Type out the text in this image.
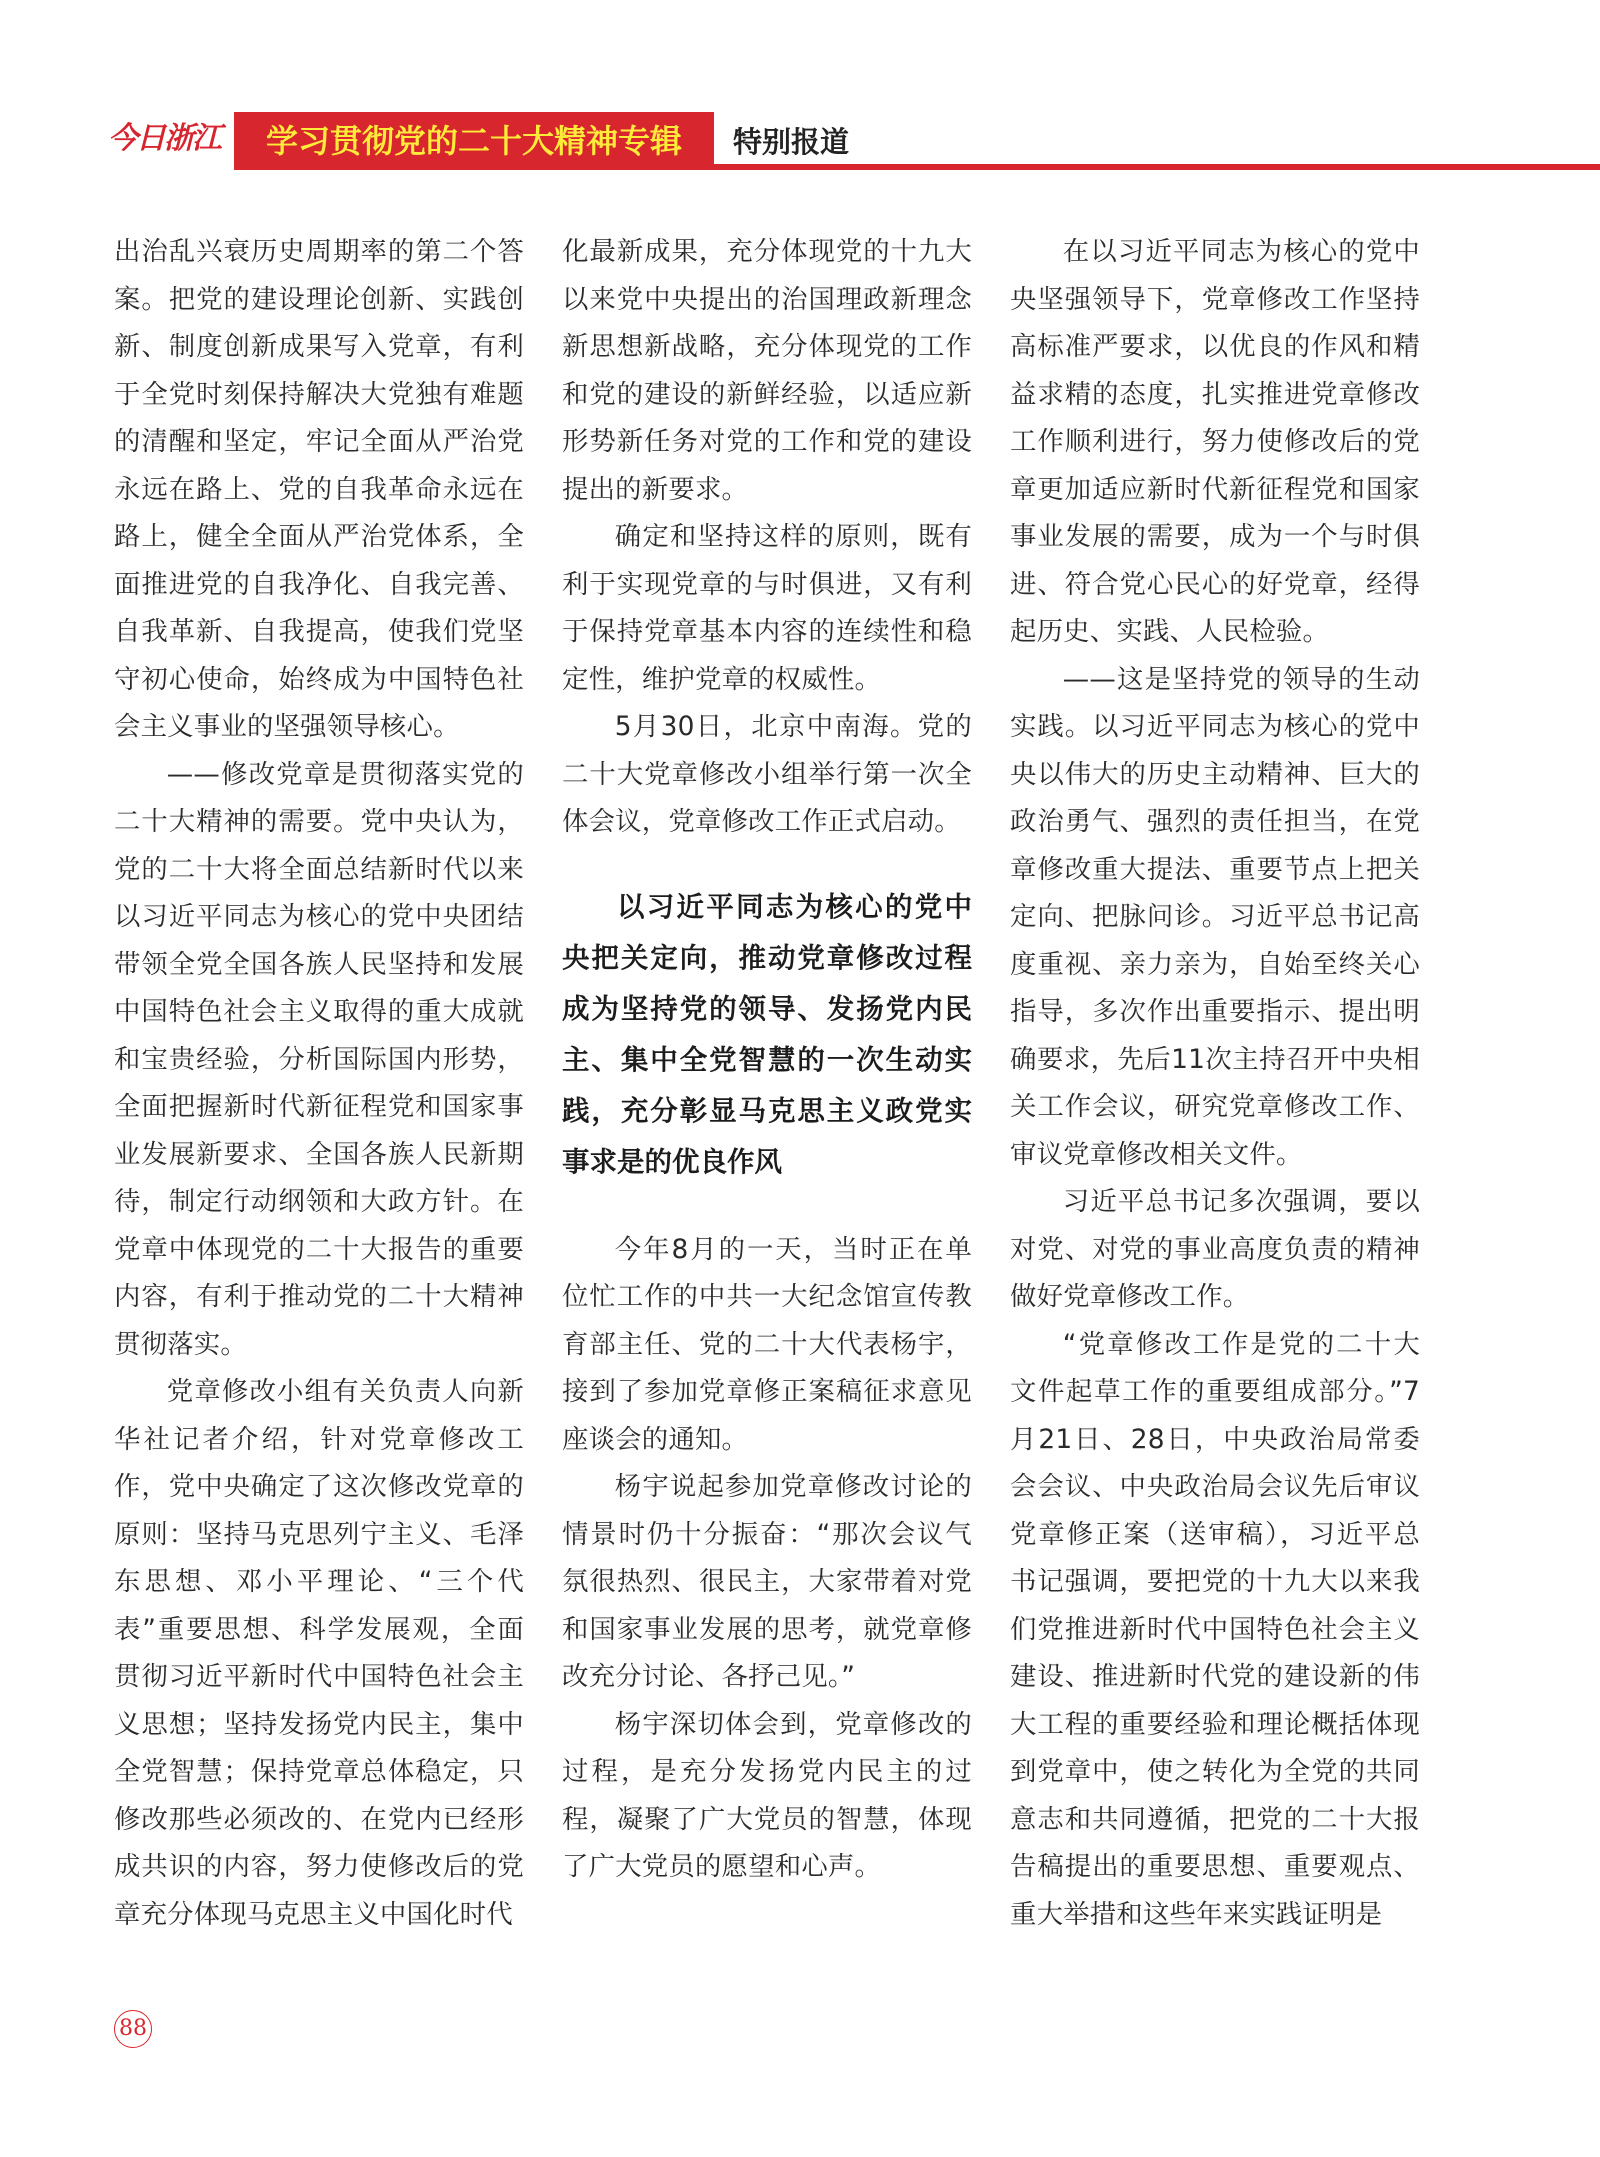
今日浙江	学习贯彻党的二十大精神专辑	特别报道

出治乱兴衰历史周期率的第二个答案。把党的建设理论创新、实践创新、制度创新成果写入党章，有利于全党时刻保持解决大党独有难题的清醒和坚定，牢记全面从严治党永远在路上、党的自我革命永远在路上，健全全面从严治党体系，全面推进党的自我净化、自我完善、自我革新、自我提高，使我们党坚守初心使命，始终成为中国特色社会主义事业的坚强领导核心。

——修改党章是贯彻落实党的二十大精神的需要。党中央认为，党的二十大将全面总结新时代以来以习近平同志为核心的党中央团结带领全党全国各族人民坚持和发展中国特色社会主义取得的重大成就和宝贵经验，分析国际国内形势，全面把握新时代新征程党和国家事业发展新要求、全国各族人民新期待，制定行动纲领和大政方针。在党章中体现党的二十大报告的重要内容，有利于推动党的二十大精神贯彻落实。

党章修改小组有关负责人向新华社记者介绍，针对党章修改工作，党中央确定了这次修改党章的原则：坚持马克思列宁主义、毛泽东思想、邓小平理论、“三个代表”重要思想、科学发展观，全面贯彻习近平新时代中国特色社会主义思想；坚持发扬党内民主，集中全党智慧；保持党章总体稳定，只修改那些必须改的、在党内已经形成共识的内容，努力使修改后的党章充分体现马克思主义中国化时代

化最新成果，充分体现党的十九大以来党中央提出的治国理政新理念新思想新战略，充分体现党的工作和党的建设的新鲜经验，以适应新形势新任务对党的工作和党的建设提出的新要求。

确定和坚持这样的原则，既有利于实现党章的与时俱进，又有利于保持党章基本内容的连续性和稳定性，维护党章的权威性。

5月30日，北京中南海。党的二十大党章修改小组举行第一次全体会议，党章修改工作正式启动。

以习近平同志为核心的党中央把关定向，推动党章修改过程成为坚持党的领导、发扬党内民主、集中全党智慧的一次生动实践，充分彰显马克思主义政党实事求是的优良作风

今年8月的一天，当时正在单位忙工作的中共一大纪念馆宣传教育部主任、党的二十大代表杨宇，接到了参加党章修正案稿征求意见座谈会的通知。

杨宇说起参加党章修改讨论的情景时仍十分振奋：“那次会议气氛很热烈、很民主，大家带着对党和国家事业发展的思考，就党章修改充分讨论、各抒己见。”

杨宇深切体会到，党章修改的过程，是充分发扬党内民主的过程，凝聚了广大党员的智慧，体现了广大党员的愿望和心声。

在以习近平同志为核心的党中央坚强领导下，党章修改工作坚持高标准严要求，以优良的作风和精益求精的态度，扎实推进党章修改工作顺利进行，努力使修改后的党章更加适应新时代新征程党和国家事业发展的需要，成为一个与时俱进、符合党心民心的好党章，经得起历史、实践、人民检验。

——这是坚持党的领导的生动实践。以习近平同志为核心的党中央以伟大的历史主动精神、巨大的政治勇气、强烈的责任担当，在党章修改重大提法、重要节点上把关定向、把脉问诊。习近平总书记高度重视、亲力亲为，自始至终关心指导，多次作出重要指示、提出明确要求，先后11次主持召开中央相关工作会议，研究党章修改工作、审议党章修改相关文件。

习近平总书记多次强调，要以对党、对党的事业高度负责的精神做好党章修改工作。

“党章修改工作是党的二十大文件起草工作的重要组成部分。”7月21日、28日，中央政治局常委会会议、中央政治局会议先后审议党章修正案（送审稿），习近平总书记强调，要把党的十九大以来我们党推进新时代中国特色社会主义建设、推进新时代党的建设新的伟大工程的重要经验和理论概括体现到党章中，使之转化为全党的共同意志和共同遵循，把党的二十大报告稿提出的重要思想、重要观点、重大举措和这些年来实践证明是

88
